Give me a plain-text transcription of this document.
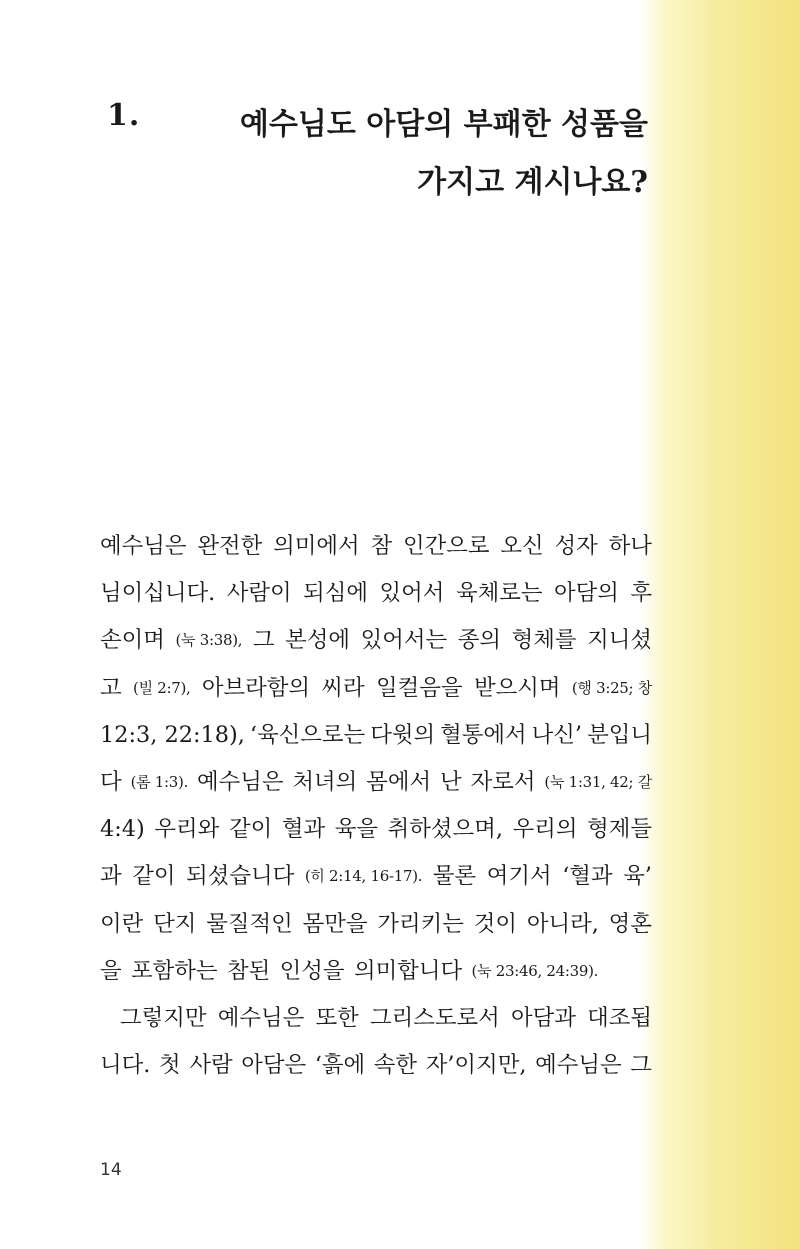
1.	예수님도 아담의 부패한 성품을
가지고 계시나요?
예수님은 완전한 의미에서 참 인간으로 오신 성자 하나
님이십니다. 사람이 되심에 있어서 육체로는 아담의 후
손이며 (눅 3:38), 그 본성에 있어서는 종의 형체를 지니셨
고 (빌 2:7), 아브라함의 씨라 일컬음을 받으시며 (행 3:25; 창
12:3, 22:18), ‘육신으로는 다윗의 혈통에서 나신’ 분입니
다 (롬 1:3). 예수님은 처녀의 몸에서 난 자로서 (눅 1:31, 42; 갈
4:4) 우리와 같이 혈과 육을 취하셨으며, 우리의 형제들
과 같이 되셨습니다 (히 2:14, 16-17). 물론 여기서 ‘혈과 육’
이란 단지 물질적인 몸만을 가리키는 것이 아니라, 영혼
을 포함하는 참된 인성을 의미합니다 (눅 23:46, 24:39).
그렇지만 예수님은 또한 그리스도로서 아담과 대조됩
니다. 첫 사람 아담은 ‘흙에 속한 자’이지만, 예수님은 그
14
